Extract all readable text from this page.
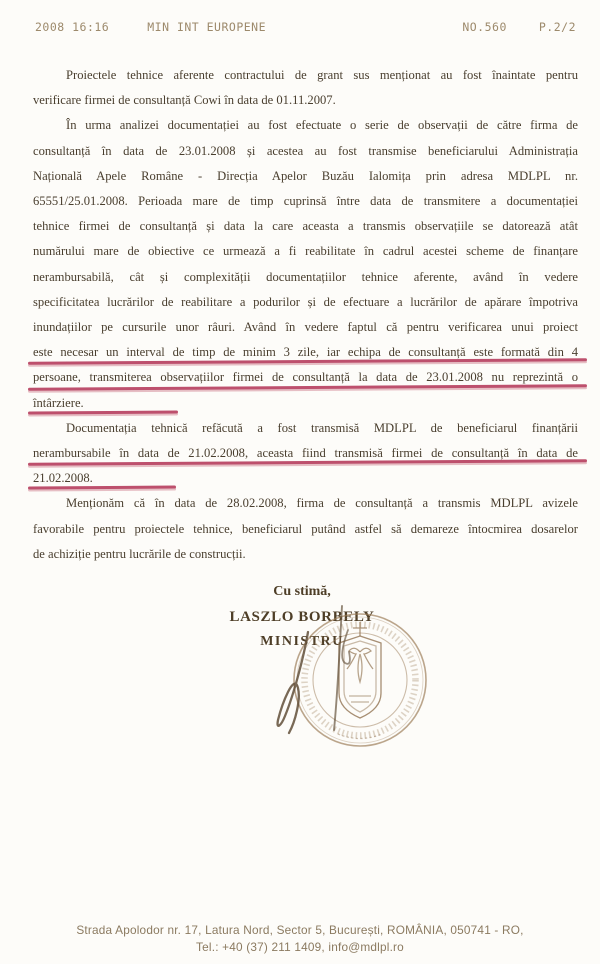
2008 16:16	MIN INT EUROPENE	NO.560	P.2/2
Proiectele tehnice aferente contractului de grant sus menționat au fost înaintate pentru
verificare firmei de consultanță Cowi în data de 01.11.2007.
În urma analizei documentației au fost efectuate o serie de observații de către firma de
consultanță în data de 23.01.2008 și acestea au fost transmise beneficiarului Administrația
Națională Apele Române - Direcția Apelor Buzău Ialomița prin adresa MDLPL nr.
65551/25.01.2008. Perioada mare de timp cuprinsă între data de transmitere a documentației
tehnice firmei de consultanță și data la care aceasta a transmis observațiile se datorează atât
numărului mare de obiective ce urmează a fi reabilitate în cadrul acestei scheme de finanțare
nerambursabilă, cât și complexității documentațiilor tehnice aferente, având în vedere
specificitatea lucrărilor de reabilitare a podurilor și de efectuare a lucrărilor de apărare împotriva
inundațiilor pe cursurile unor râuri. Având în vedere faptul că pentru verificarea unui proiect
este necesar un interval de timp de minim 3 zile, iar echipa de consultanță este formată din 4
persoane, transmiterea observațiilor firmei de consultanță la data de 23.01.2008 nu reprezintă o
întârziere.
Documentația tehnică refăcută a fost transmisă MDLPL de beneficiarul finanțării
nerambursabile în data de 21.02.2008, aceasta fiind transmisă firmei de consultanță în data de
21.02.2008.
Menționăm că în data de 28.02.2008, firma de consultanță a transmis MDLPL avizele
favorabile pentru proiectele tehnice, beneficiarul putând astfel să demareze întocmirea dosarelor
de achiziție pentru lucrările de construcții.
Cu stimă,
LASZLO BORBELY
MINISTRU
Strada Apolodor nr. 17, Latura Nord, Sector 5, București, ROMÂNIA, 050741 - RO,
Tel.: +40 (37) 211 1409, info@mdlpl.ro
